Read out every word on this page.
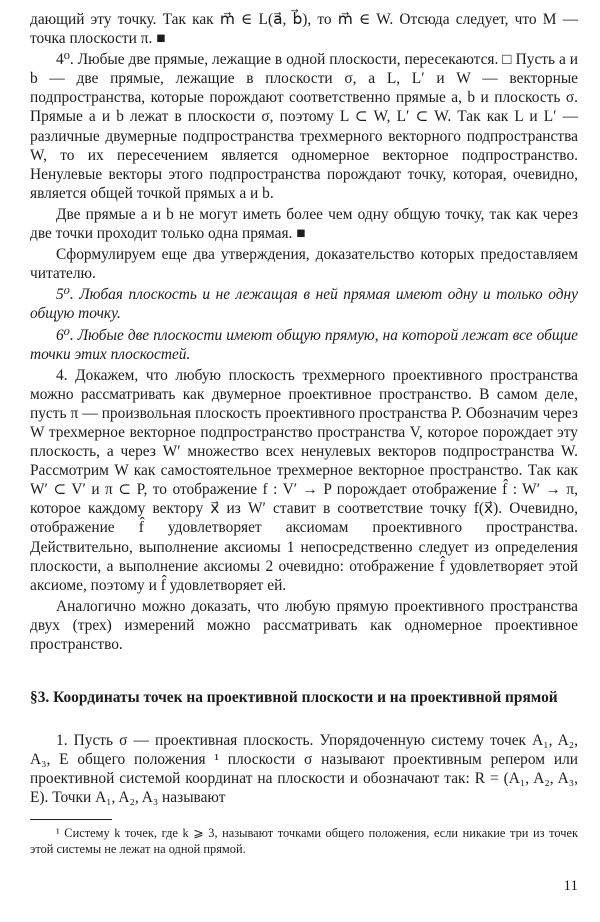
дающий эту точку. Так как m⃗ ∈ L(a⃗, b⃗), то m⃗ ∈ W. Отсюда следует, что M — точка плоскости π. ■

4⁰. Любые две прямые, лежащие в одной плоскости, пересекаются. □ Пусть a и b — две прямые, лежащие в плоскости σ, а L, L′ и W — векторные подпространства, которые порождают соответственно прямые a, b и плоскость σ. Прямые a и b лежат в плоскости σ, поэтому L ⊂ W, L′ ⊂ W. Так как L и L′ — различные двумерные подпространства трехмерного векторного подпространства W, то их пересечением является одномерное векторное подпространство. Ненулевые векторы этого подпространства порождают точку, которая, очевидно, является общей точкой прямых a и b.

Две прямые a и b не могут иметь более чем одну общую точку, так как через две точки проходит только одна прямая. ■

Сформулируем еще два утверждения, доказательство которых предоставляем читателю.

5⁰. Любая плоскость и не лежащая в ней прямая имеют одну и только одну общую точку.

6⁰. Любые две плоскости имеют общую прямую, на которой лежат все общие точки этих плоскостей.

4. Докажем, что любую плоскость трехмерного проективного пространства можно рассматривать как двумерное проективное пространство. В самом деле, пусть π — произвольная плоскость проективного пространства P. Обозначим через W трехмерное векторное подпространство пространства V, которое порождает эту плоскость, а через W′ множество всех ненулевых векторов подпространства W. Рассмотрим W как самостоятельное трехмерное векторное пространство. Так как W′ ⊂ V′ и π ⊂ P, то отображение f : V′ → P порождает отображение f̂ : W′ → π, которое каждому вектору x⃗ из W′ ставит в соответствие точку f(x⃗). Очевидно, отображение f̂ удовлетворяет аксиомам проективного пространства. Действительно, выполнение аксиомы 1 непосредственно следует из определения плоскости, а выполнение аксиомы 2 очевидно: отображение f̂ удовлетворяет этой аксиоме, поэтому и f̂ удовлетворяет ей.

Аналогично можно доказать, что любую прямую проективного пространства двух (трех) измерений можно рассматривать как одномерное проективное пространство.

§3. Координаты точек на проективной плоскости и на проективной прямой

1. Пусть σ — проективная плоскость. Упорядоченную систему точек A₁, A₂, A₃, E общего положения ¹ плоскости σ называют проективным репером или проективной системой координат на плоскости и обозначают так: R = (A₁, A₂, A₃, E). Точки A₁, A₂, A₃ называют

¹ Систему k точек, где k ⩾ 3, называют точками общего положения, если никакие три из точек этой системы не лежат на одной прямой.

11
